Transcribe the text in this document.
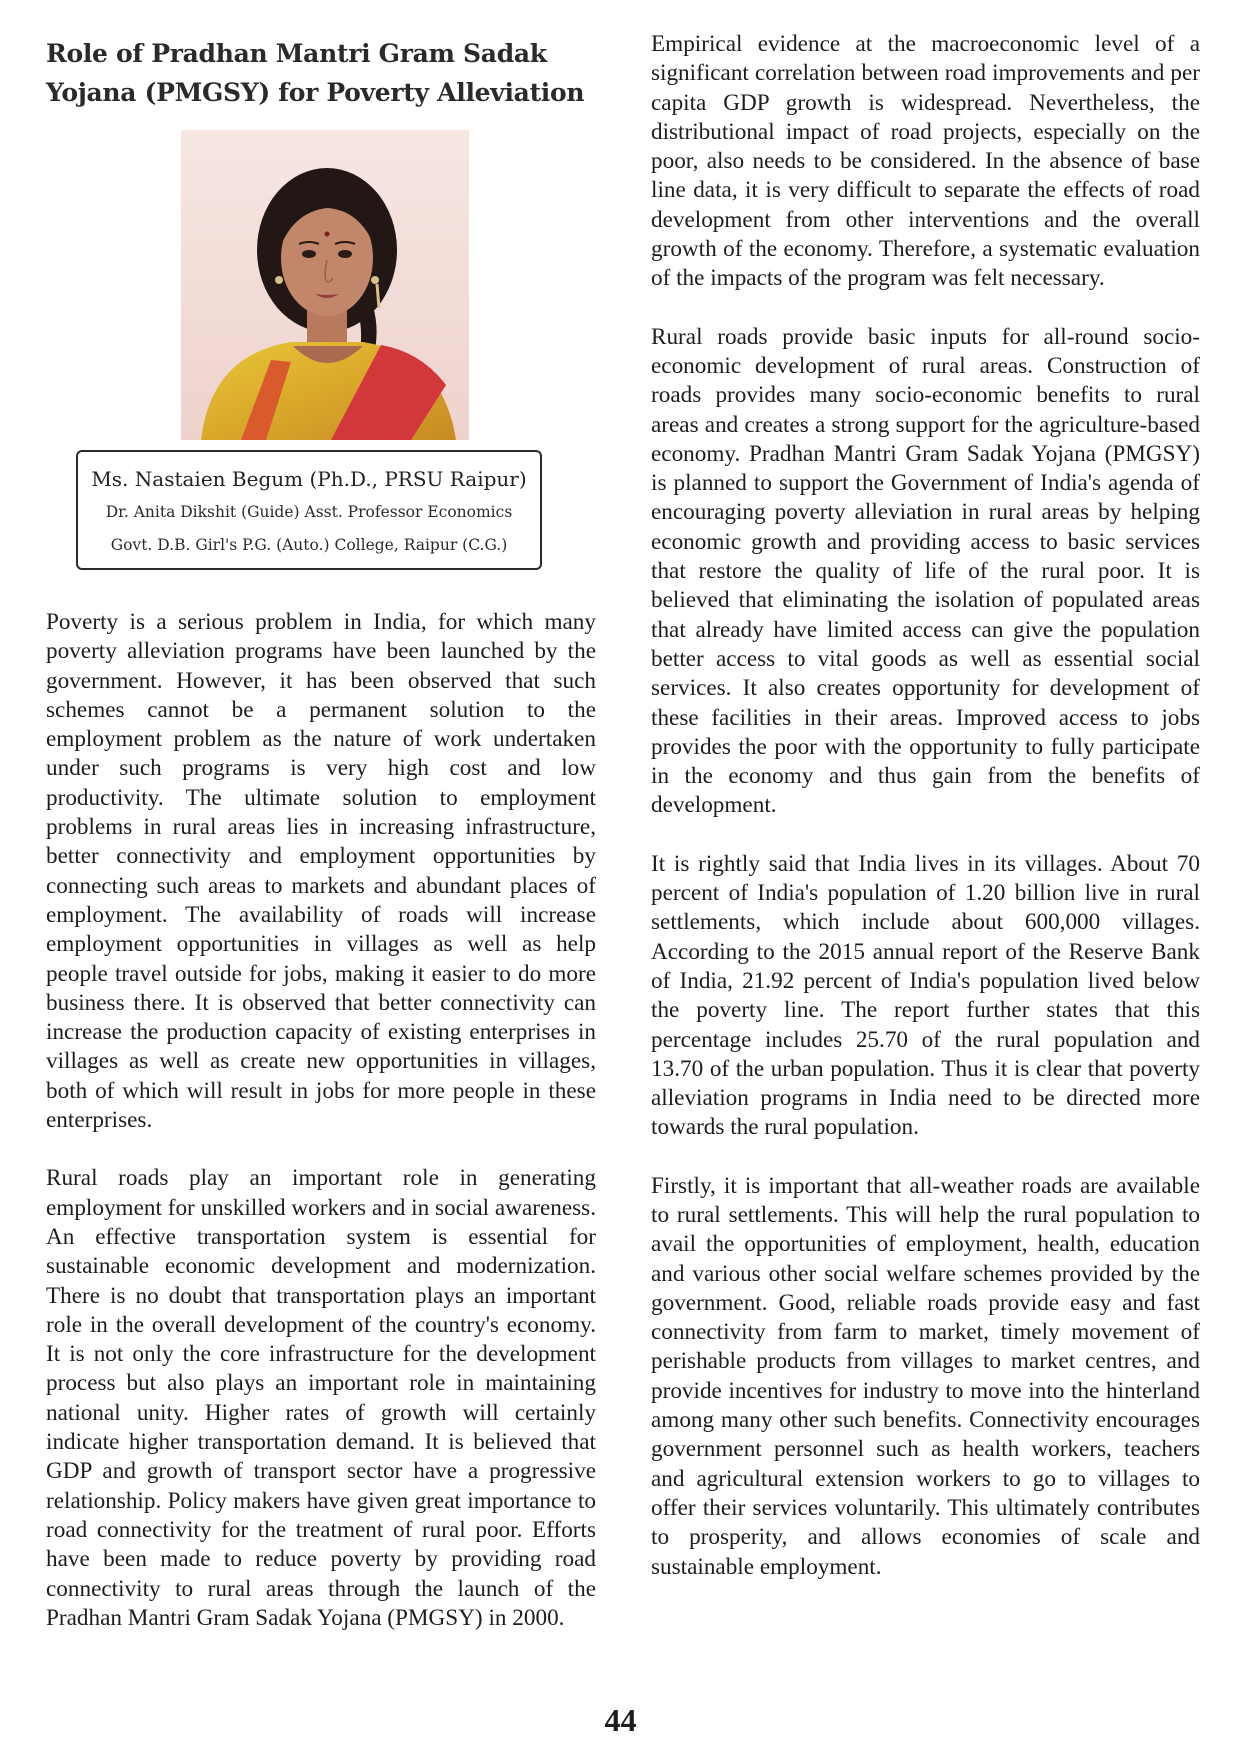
Role of Pradhan Mantri Gram Sadak Yojana (PMGSY) for Poverty Alleviation
Ms. Nastaien Begum (Ph.D., PRSU Raipur)
Dr. Anita Dikshit (Guide) Asst. Professor Economics
Govt. D.B. Girl's P.G. (Auto.) College, Raipur (C.G.)

Poverty is a serious problem in India, for which many poverty alleviation programs have been launched by the government. However, it has been observed that such schemes cannot be a permanent solution to the employment problem as the nature of work undertaken under such programs is very high cost and low productivity. The ultimate solution to employment problems in rural areas lies in increasing infrastructure, better connectivity and employment opportunities by connecting such areas to markets and abundant places of employment. The availability of roads will increase employment opportunities in villages as well as help people travel outside for jobs, making it easier to do more business there. It is observed that better connectivity can increase the production capacity of existing enterprises in villages as well as create new opportunities in villages, both of which will result in jobs for more people in these enterprises.

Rural roads play an important role in generating employment for unskilled workers and in social awareness. An effective transportation system is essential for sustainable economic development and modernization. There is no doubt that transportation plays an important role in the overall development of the country's economy. It is not only the core infrastructure for the development process but also plays an important role in maintaining national unity. Higher rates of growth will certainly indicate higher transportation demand. It is believed that GDP and growth of transport sector have a progressive relationship. Policy makers have given great importance to road connectivity for the treatment of rural poor. Efforts have been made to reduce poverty by providing road connectivity to rural areas through the launch of the Pradhan Mantri Gram Sadak Yojana (PMGSY) in 2000.

Empirical evidence at the macroeconomic level of a significant correlation between road improvements and per capita GDP growth is widespread. Nevertheless, the distributional impact of road projects, especially on the poor, also needs to be considered. In the absence of base line data, it is very difficult to separate the effects of road development from other interventions and the overall growth of the economy. Therefore, a systematic evaluation of the impacts of the program was felt necessary.

Rural roads provide basic inputs for all-round socio-economic development of rural areas. Construction of roads provides many socio-economic benefits to rural areas and creates a strong support for the agriculture-based economy. Pradhan Mantri Gram Sadak Yojana (PMGSY) is planned to support the Government of India's agenda of encouraging poverty alleviation in rural areas by helping economic growth and providing access to basic services that restore the quality of life of the rural poor. It is believed that eliminating the isolation of populated areas that already have limited access can give the population better access to vital goods as well as essential social services. It also creates opportunity for development of these facilities in their areas. Improved access to jobs provides the poor with the opportunity to fully participate in the economy and thus gain from the benefits of development.

It is rightly said that India lives in its villages. About 70 percent of India's population of 1.20 billion live in rural settlements, which include about 600,000 villages. According to the 2015 annual report of the Reserve Bank of India, 21.92 percent of India's population lived below the poverty line. The report further states that this percentage includes 25.70 of the rural population and 13.70 of the urban population. Thus it is clear that poverty alleviation programs in India need to be directed more towards the rural population.

Firstly, it is important that all-weather roads are available to rural settlements. This will help the rural population to avail the opportunities of employment, health, education and various other social welfare schemes provided by the government. Good, reliable roads provide easy and fast connectivity from farm to market, timely movement of perishable products from villages to market centres, and provide incentives for industry to move into the hinterland among many other such benefits. Connectivity encourages government personnel such as health workers, teachers and agricultural extension workers to go to villages to offer their services voluntarily. This ultimately contributes to prosperity, and allows economies of scale and sustainable employment.

44
